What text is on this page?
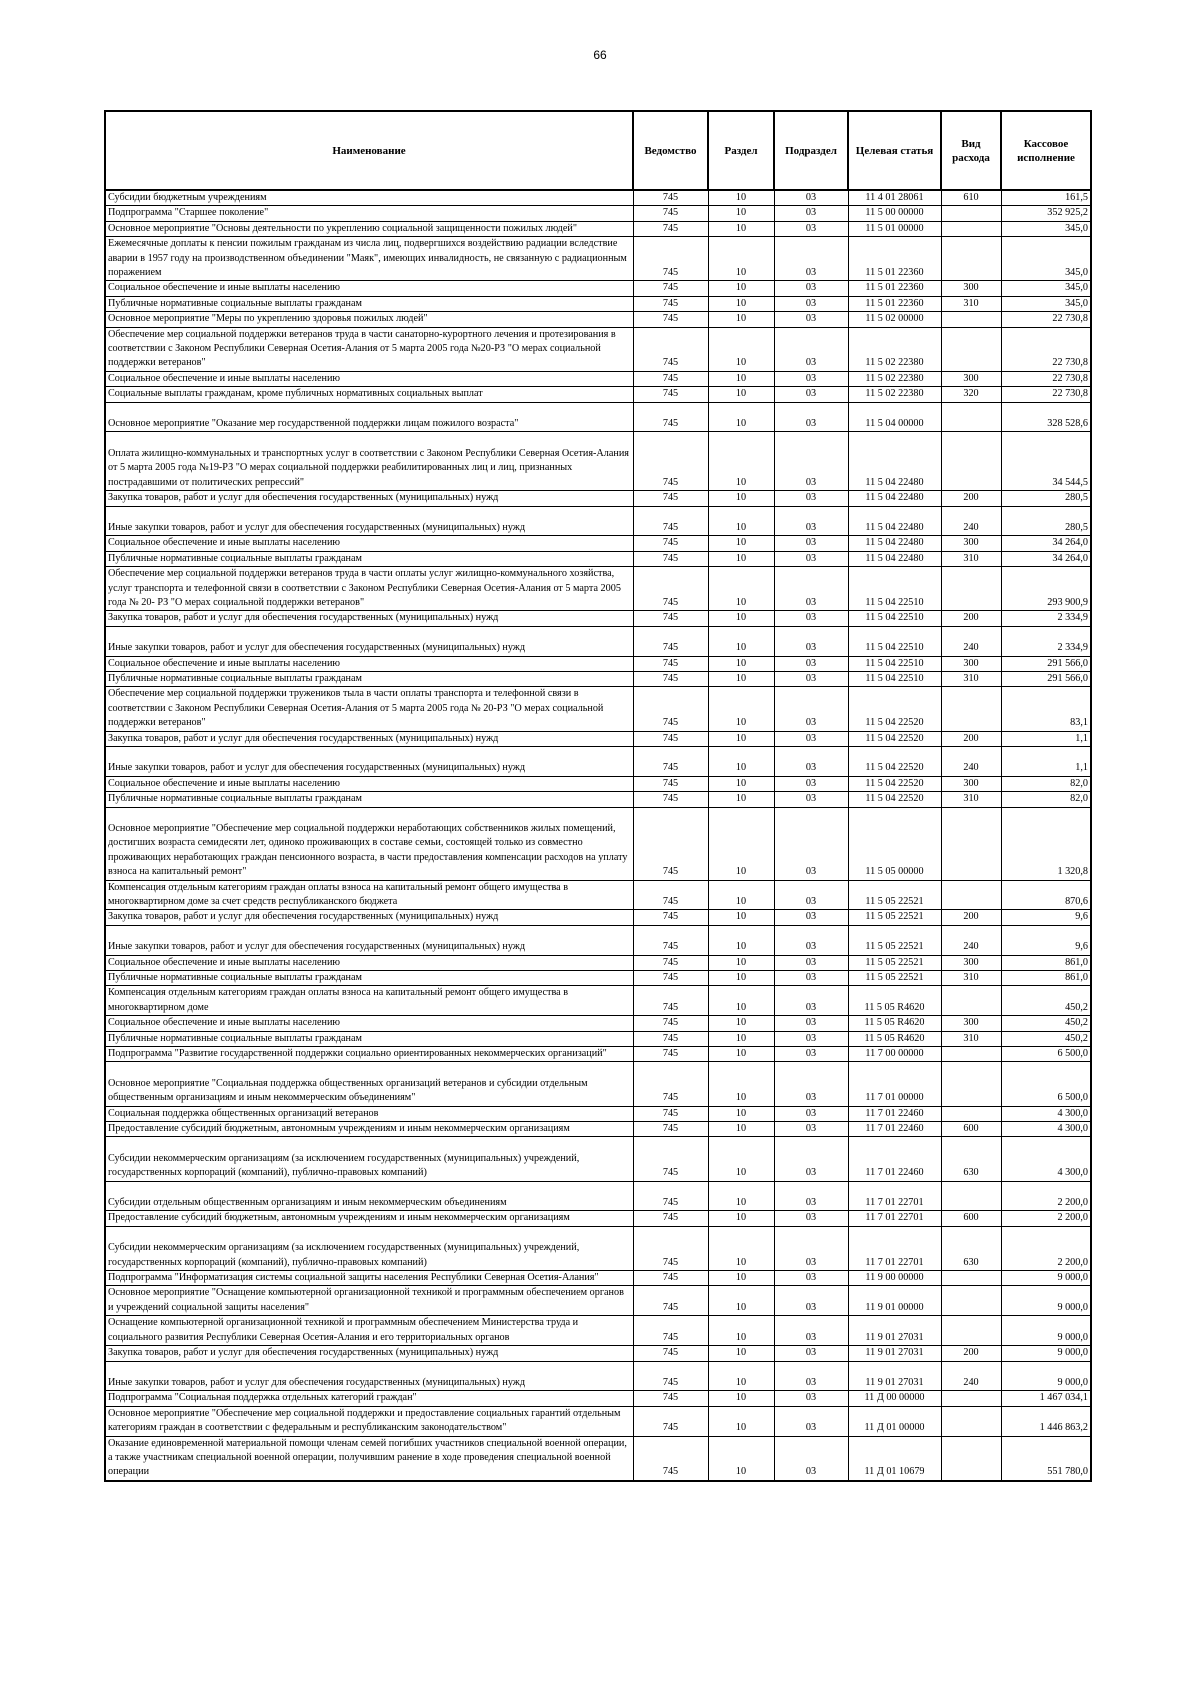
66
Наименование	Ведомство	Раздел	Подраздел	Целевая статья	Вид расхода	Кассовое исполнение
Субсидии бюджетным учреждениям	745	10	03	11 4 01 28061	610	161,5
Подпрограмма "Старшее поколение"	745	10	03	11 5 00 00000		352 925,2
Основное мероприятие "Основы деятельности по укреплению социальной защищенности пожилых людей"	745	10	03	11 5 01 00000		345,0
Ежемесячные доплаты к пенсии пожилым гражданам из числа лиц, подвергшихся воздействию радиации вследствие аварии в 1957 году на производственном объединении "Маяк", имеющих инвалидность, не связанную с радиационным поражением	745	10	03	11 5 01 22360		345,0
Социальное обеспечение и иные выплаты населению	745	10	03	11 5 01 22360	300	345,0
Публичные нормативные социальные выплаты гражданам	745	10	03	11 5 01 22360	310	345,0
Основное мероприятие "Меры по укреплению здоровья пожилых людей"	745	10	03	11 5 02 00000		22 730,8
Обеспечение мер социальной поддержки ветеранов труда в части санаторно-курортного лечения и протезирования в соответствии с Законом Республики Северная Осетия-Алания от 5 марта 2005 года №20-РЗ "О мерах социальной поддержки ветеранов"	745	10	03	11 5 02 22380		22 730,8
Социальное обеспечение и иные выплаты населению	745	10	03	11 5 02 22380	300	22 730,8
Социальные выплаты гражданам, кроме публичных нормативных социальных выплат	745	10	03	11 5 02 22380	320	22 730,8
Основное мероприятие "Оказание мер государственной поддержки лицам пожилого возраста"	745	10	03	11 5 04 00000		328 528,6
Оплата жилищно-коммунальных и транспортных услуг в соответствии с Законом Республики Северная Осетия-Алания от 5 марта 2005 года №19-РЗ "О мерах социальной поддержки реабилитированных лиц и лиц, признанных пострадавшими от политических репрессий"	745	10	03	11 5 04 22480		34 544,5
Закупка товаров, работ и услуг для обеспечения государственных (муниципальных) нужд	745	10	03	11 5 04 22480	200	280,5
Иные закупки товаров, работ и услуг для обеспечения государственных (муниципальных) нужд	745	10	03	11 5 04 22480	240	280,5
Социальное обеспечение и иные выплаты населению	745	10	03	11 5 04 22480	300	34 264,0
Публичные нормативные социальные выплаты гражданам	745	10	03	11 5 04 22480	310	34 264,0
Обеспечение мер социальной поддержки ветеранов труда в части оплаты услуг жилищно-коммунального хозяйства, услуг транспорта и телефонной связи в соответствии с Законом Республики Северная Осетия-Алания от 5 марта 2005 года № 20- РЗ "О мерах социальной поддержки ветеранов"	745	10	03	11 5 04 22510		293 900,9
Закупка товаров, работ и услуг для обеспечения государственных (муниципальных) нужд	745	10	03	11 5 04 22510	200	2 334,9
Иные закупки товаров, работ и услуг для обеспечения государственных (муниципальных) нужд	745	10	03	11 5 04 22510	240	2 334,9
Социальное обеспечение и иные выплаты населению	745	10	03	11 5 04 22510	300	291 566,0
Публичные нормативные социальные выплаты гражданам	745	10	03	11 5 04 22510	310	291 566,0
Обеспечение мер социальной поддержки тружеников тыла в части оплаты транспорта и телефонной связи в соответствии с Законом Республики Северная Осетия-Алания от 5 марта 2005 года № 20-РЗ "О мерах социальной поддержки ветеранов"	745	10	03	11 5 04 22520		83,1
Закупка товаров, работ и услуг для обеспечения государственных (муниципальных) нужд	745	10	03	11 5 04 22520	200	1,1
Иные закупки товаров, работ и услуг для обеспечения государственных (муниципальных) нужд	745	10	03	11 5 04 22520	240	1,1
Социальное обеспечение и иные выплаты населению	745	10	03	11 5 04 22520	300	82,0
Публичные нормативные социальные выплаты гражданам	745	10	03	11 5 04 22520	310	82,0
Основное мероприятие "Обеспечение мер социальной поддержки неработающих собственников жилых помещений, достигших возраста семидесяти лет, одиноко проживающих в составе семьи, состоящей только из совместно проживающих неработающих граждан пенсионного возраста, в части предоставления компенсации расходов на уплату взноса на капитальный ремонт"	745	10	03	11 5 05 00000		1 320,8
Компенсация отдельным категориям граждан оплаты взноса на капитальный ремонт общего имущества в многоквартирном доме за счет средств республиканского бюджета	745	10	03	11 5 05 22521		870,6
Закупка товаров, работ и услуг для обеспечения государственных (муниципальных) нужд	745	10	03	11 5 05 22521	200	9,6
Иные закупки товаров, работ и услуг для обеспечения государственных (муниципальных) нужд	745	10	03	11 5 05 22521	240	9,6
Социальное обеспечение и иные выплаты населению	745	10	03	11 5 05 22521	300	861,0
Публичные нормативные социальные выплаты гражданам	745	10	03	11 5 05 22521	310	861,0
Компенсация отдельным категориям граждан оплаты взноса на капитальный ремонт общего имущества в многоквартирном доме	745	10	03	11 5 05 R4620		450,2
Социальное обеспечение и иные выплаты населению	745	10	03	11 5 05 R4620	300	450,2
Публичные нормативные социальные выплаты гражданам	745	10	03	11 5 05 R4620	310	450,2
Подпрограмма "Развитие государственной поддержки социально ориентированных некоммерческих организаций"	745	10	03	11 7 00 00000		6 500,0
Основное мероприятие "Социальная поддержка общественных организаций ветеранов и субсидии отдельным общественным организациям и иным некоммерческим объединениям"	745	10	03	11 7 01 00000		6 500,0
Социальная поддержка общественных организаций ветеранов	745	10	03	11 7 01 22460		4 300,0
Предоставление субсидий бюджетным, автономным учреждениям и иным некоммерческим организациям	745	10	03	11 7 01 22460	600	4 300,0
Субсидии некоммерческим организациям (за исключением государственных (муниципальных) учреждений, государственных корпораций (компаний), публично-правовых компаний)	745	10	03	11 7 01 22460	630	4 300,0
Субсидии отдельным общественным организациям и иным некоммерческим объединениям	745	10	03	11 7 01 22701		2 200,0
Предоставление субсидий бюджетным, автономным учреждениям и иным некоммерческим организациям	745	10	03	11 7 01 22701	600	2 200,0
Субсидии некоммерческим организациям (за исключением государственных (муниципальных) учреждений, государственных корпораций (компаний), публично-правовых компаний)	745	10	03	11 7 01 22701	630	2 200,0
Подпрограмма "Информатизация системы социальной защиты населения Республики Северная Осетия-Алания"	745	10	03	11 9 00 00000		9 000,0
Основное мероприятие "Оснащение компьютерной организационной техникой и программным обеспечением органов и учреждений социальной защиты населения"	745	10	03	11 9 01 00000		9 000,0
Оснащение компьютерной организационной техникой и программным обеспечением Министерства труда и социального развития Республики Северная Осетия-Алания и его территориальных органов	745	10	03	11 9 01 27031		9 000,0
Закупка товаров, работ и услуг для обеспечения государственных (муниципальных) нужд	745	10	03	11 9 01 27031	200	9 000,0
Иные закупки товаров, работ и услуг для обеспечения государственных (муниципальных) нужд	745	10	03	11 9 01 27031	240	9 000,0
Подпрограмма "Социальная поддержка отдельных категорий граждан"	745	10	03	11 Д 00 00000		1 467 034,1
Основное мероприятие "Обеспечение мер социальной поддержки и предоставление социальных гарантий отдельным категориям граждан в соответствии с федеральным и республиканским законодательством"	745	10	03	11 Д 01 00000		1 446 863,2
Оказание единовременной материальной помощи членам семей погибших участников специальной военной операции, а также участникам специальной военной операции, получившим ранение в ходе проведения специальной военной операции	745	10	03	11 Д 01 10679		551 780,0
